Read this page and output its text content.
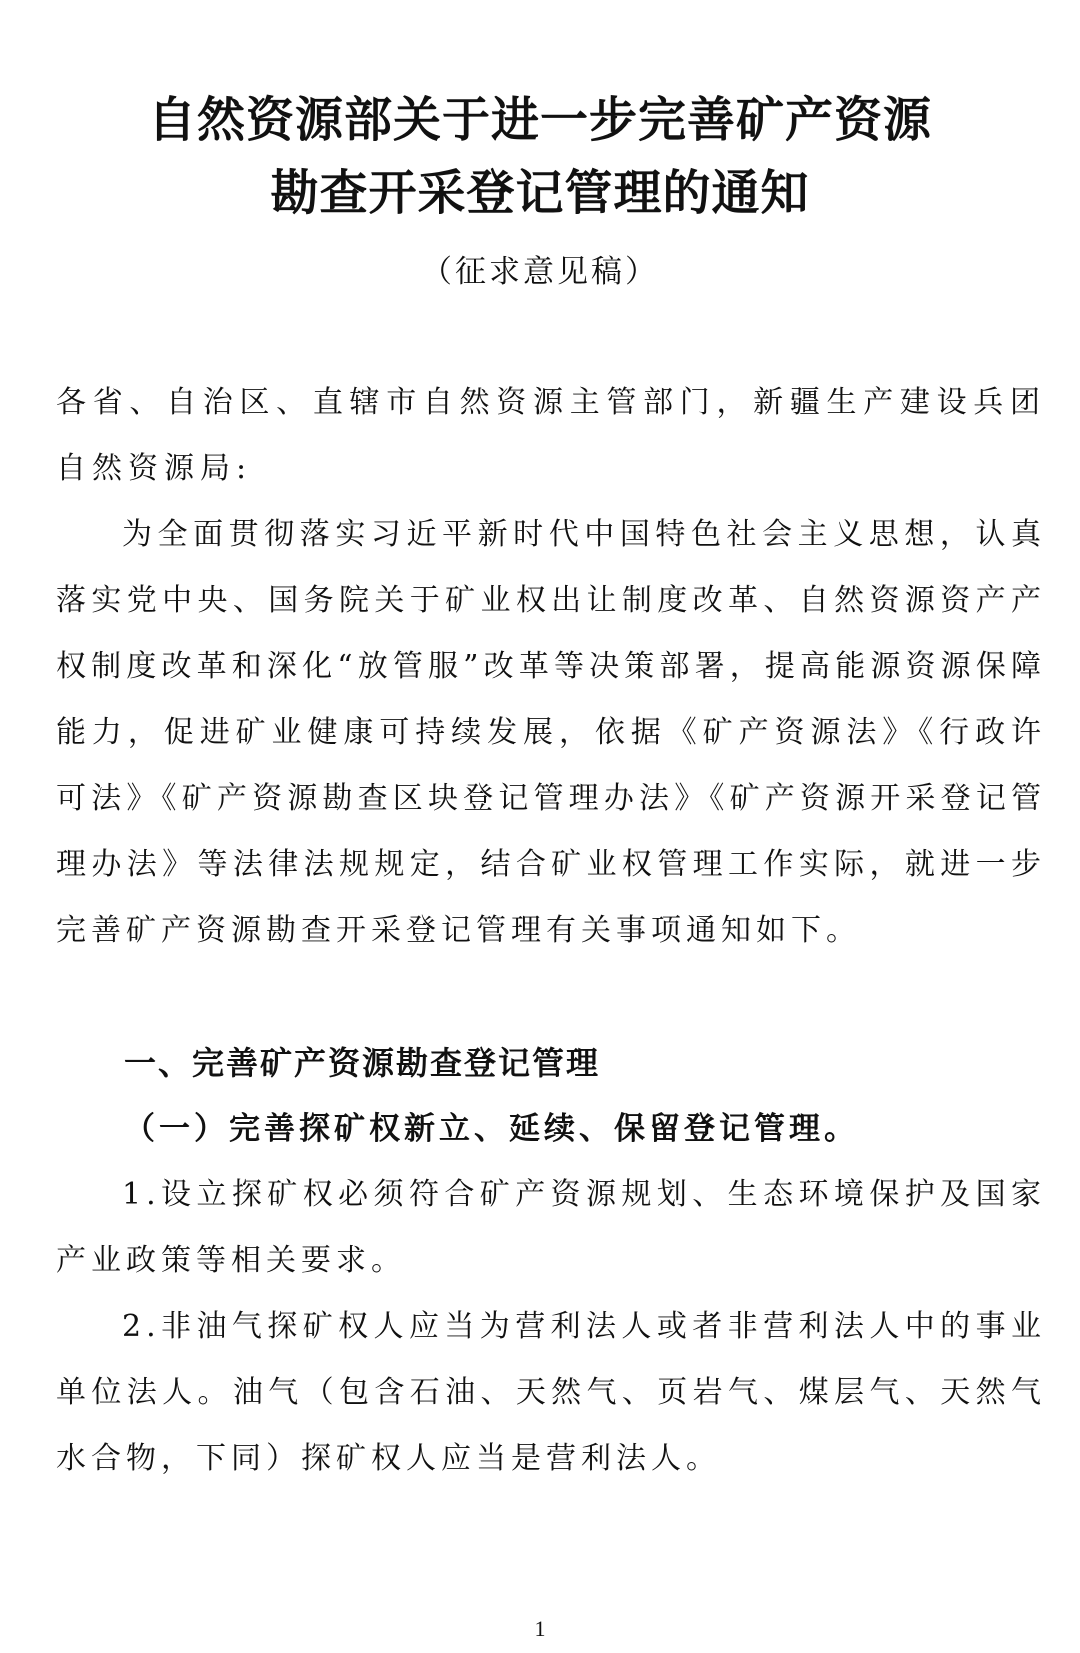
自然资源部关于进一步完善矿产资源
勘查开采登记管理的通知

（征求意见稿）

各省、自治区、直辖市自然资源主管部门，新疆生产建设兵团自然资源局:

为全面贯彻落实习近平新时代中国特色社会主义思想，认真落实党中央、国务院关于矿业权出让制度改革、自然资源资产产权制度改革和深化“放管服”改革等决策部署，提高能源资源保障能力，促进矿业健康可持续发展，依据《矿产资源法》《行政许可法》《矿产资源勘查区块登记管理办法》《矿产资源开采登记管理办法》等法律法规规定，结合矿业权管理工作实际，就进一步完善矿产资源勘查开采登记管理有关事项通知如下。

一、完善矿产资源勘查登记管理
（一）完善探矿权新立、延续、保留登记管理。

1.设立探矿权必须符合矿产资源规划、生态环境保护及国家产业政策等相关要求。

2.非油气探矿权人应当为营利法人或者非营利法人中的事业单位法人。油气（包含石油、天然气、页岩气、煤层气、天然气水合物，下同）探矿权人应当是营利法人。

1
